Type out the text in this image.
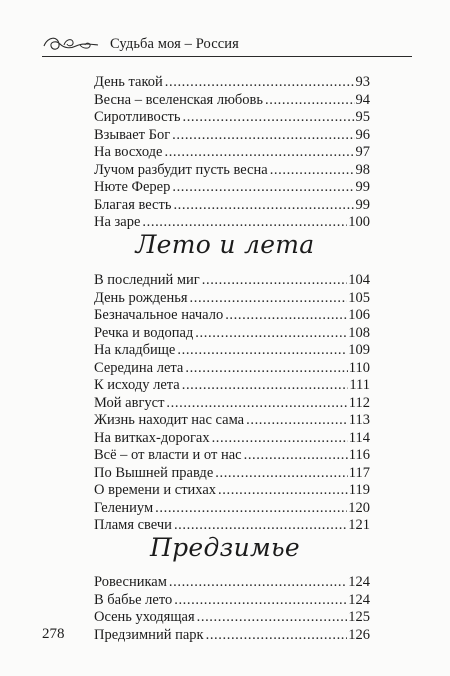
Судьба моя – Россия
День такой .....	93
Весна – вселенская любовь .....	94
Сиротливость .....	95
Взывает Бог .....	96
На восходе .....	97
Лучом разбудит пусть весна .....	98
Нюте Ферер .....	99
Благая весть .....	99
На заре .....	100
Лето и лета
В последний миг .....	104
День рожденья .....	105
Безначальное начало .....	106
Речка и водопад .....	108
На кладбище .....	109
Середина лета .....	110
К исходу лета .....	111
Мой август .....	112
Жизнь находит нас сама .....	113
На витках-дорогах .....	114
Всё – от власти и от нас .....	116
По Вышней правде .....	117
О времени и стихах .....	119
Гелениум .....	120
Пламя свечи .....	121
Предзимье
Ровесникам .....	124
В бабье лето .....	124
Осень уходящая .....	125
Предзимний парк .....	126
278
